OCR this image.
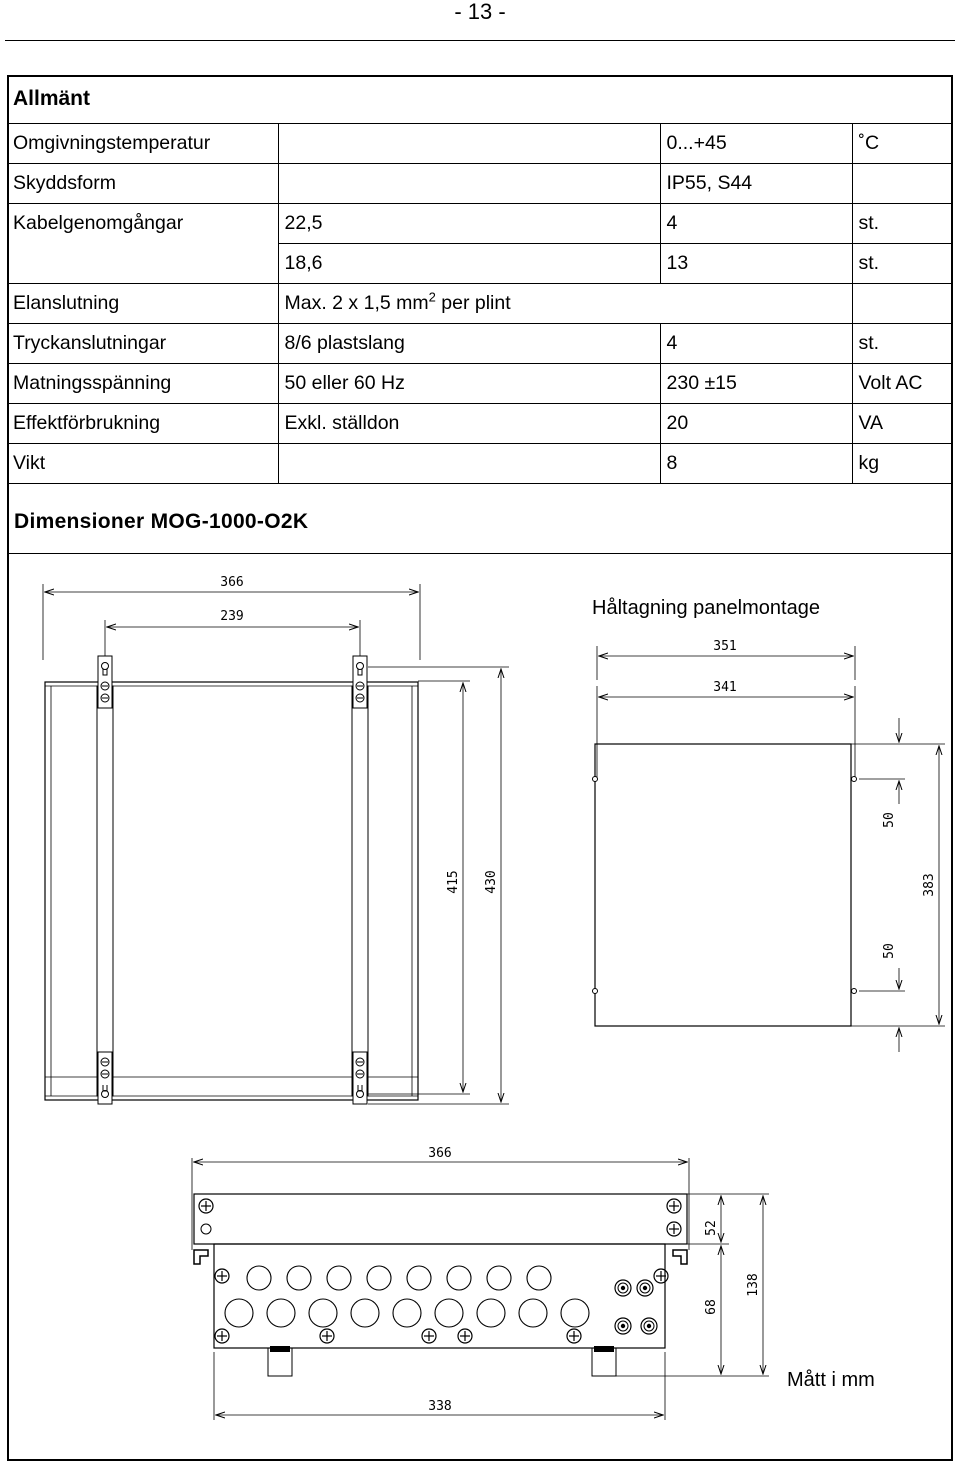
- 13 -
Allmänt			
Omgivningstemperatur		0...+45	˚C
Skyddsform		IP55, S44	
Kabelgenomgångar	22,5	4	st.
	18,6	13	st.
Elanslutning	Max. 2 x 1,5 $mm^2$ per plint		
Tryckanslutningar	8/6 plastslang	4	st.
Matningsspänning	50 eller 60 Hz	230 ±15	Volt AC
Effektförbrukning	Exkl. ställdon	20	VA
Vikt		8	kg
Dimensioner MOG-1000-O2K
366
239
415 430
Håltagning panelmontage
351
341
50
50
383
366
338
52
68
138
Mått i mm
